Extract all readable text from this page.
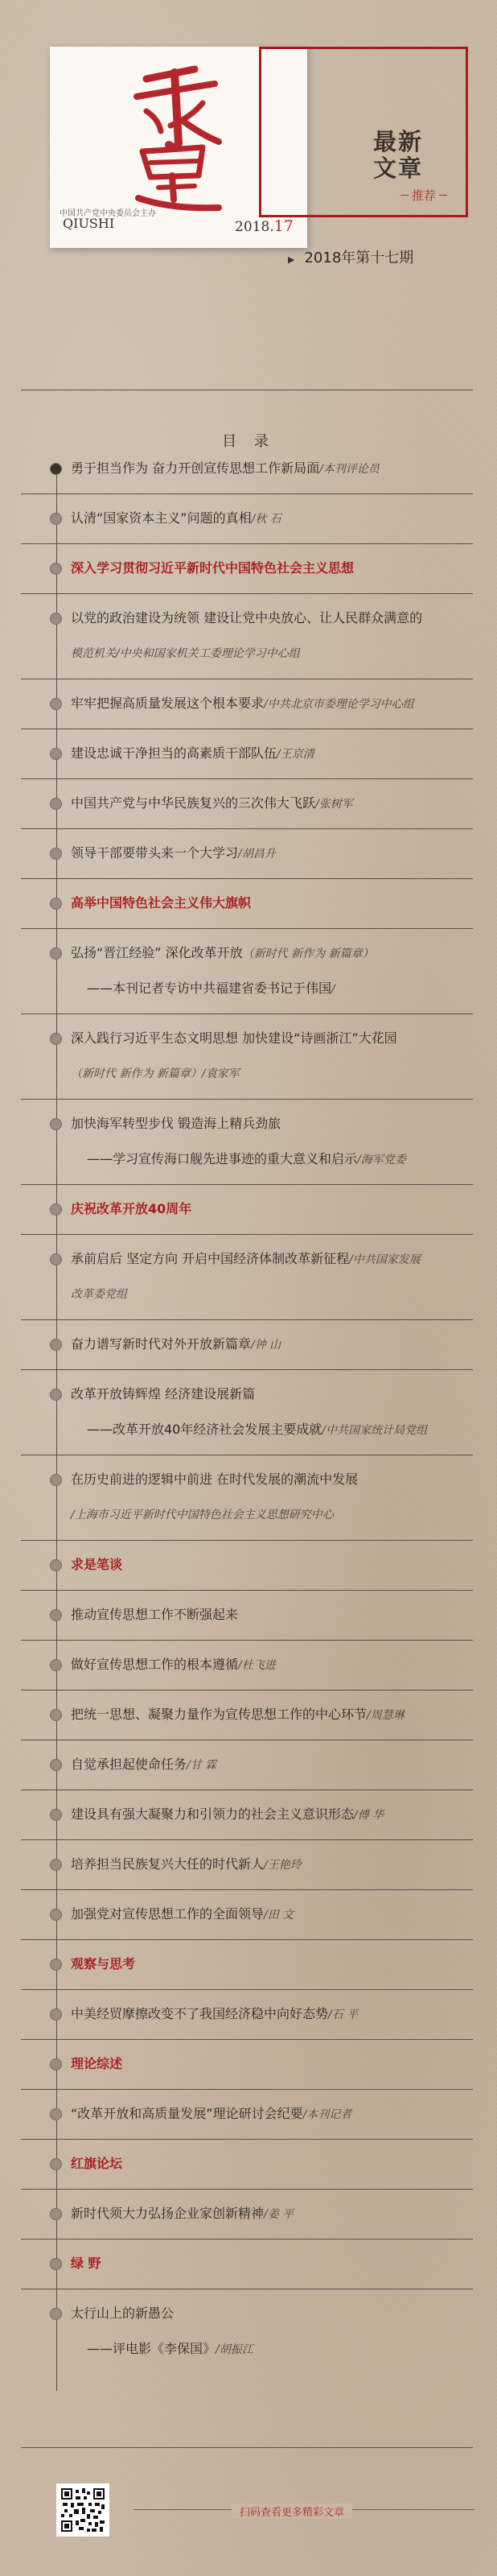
中国共产党中央委员会主办
QIUSHI	2018.17
最新
文章
推荐
▶ 2018年第十七期
目 录
勇于担当作为 奋力开创宣传思想工作新局面/本刊评论员
认清“国家资本主义”问题的真相/秋 石
深入学习贯彻习近平新时代中国特色社会主义思想
以党的政治建设为统领 建设让党中央放心、让人民群众满意的
模范机关/中央和国家机关工委理论学习中心组
牢牢把握高质量发展这个根本要求/中共北京市委理论学习中心组
建设忠诚干净担当的高素质干部队伍/王京清
中国共产党与中华民族复兴的三次伟大飞跃/张树军
领导干部要带头来一个大学习/胡昌升
高举中国特色社会主义伟大旗帜
弘扬“晋江经验” 深化改革开放（新时代 新作为 新篇章）
——本刊记者专访中共福建省委书记于伟国/
深入践行习近平生态文明思想 加快建设“诗画浙江”大花园
（新时代 新作为 新篇章）/袁家军
加快海军转型步伐 锻造海上精兵劲旅
——学习宣传海口舰先进事迹的重大意义和启示/海军党委
庆祝改革开放40周年
承前启后 坚定方向 开启中国经济体制改革新征程/中共国家发展
改革委党组
奋力谱写新时代对外开放新篇章/钟 山
改革开放铸辉煌 经济建设展新篇
——改革开放40年经济社会发展主要成就/中共国家统计局党组
在历史前进的逻辑中前进 在时代发展的潮流中发展
/上海市习近平新时代中国特色社会主义思想研究中心
求是笔谈
推动宣传思想工作不断强起来
做好宣传思想工作的根本遵循/杜飞进
把统一思想、凝聚力量作为宣传思想工作的中心环节/周慧琳
自觉承担起使命任务/甘 霖
建设具有强大凝聚力和引领力的社会主义意识形态/傅 华
培养担当民族复兴大任的时代新人/王艳玲
加强党对宣传思想工作的全面领导/田 文
观察与思考
中美经贸摩擦改变不了我国经济稳中向好态势/石 平
理论综述
“改革开放和高质量发展”理论研讨会纪要/本刊记者
红旗论坛
新时代须大力弘扬企业家创新精神/姜 平
绿 野
太行山上的新愚公
——评电影《李保国》/胡振江
扫码查看更多精彩文章
